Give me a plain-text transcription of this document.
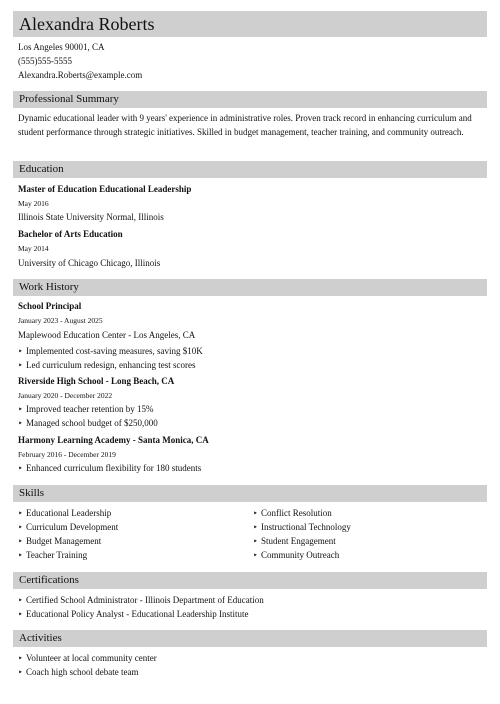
Alexandra Roberts
Los Angeles 90001, CA
(555)555-5555
Alexandra.Roberts@example.com
Professional Summary
Dynamic educational leader with 9 years' experience in administrative roles. Proven track record in enhancing curriculum and student performance through strategic initiatives. Skilled in budget management, teacher training, and community outreach.
Education
Master of Education Educational Leadership
May 2016
Illinois State University Normal, Illinois
Bachelor of Arts Education
May 2014
University of Chicago Chicago, Illinois
Work History
School Principal
January 2023 - August 2025
Maplewood Education Center - Los Angeles, CA
‣ Implemented cost-saving measures, saving $10K
‣ Led curriculum redesign, enhancing test scores
Riverside High School - Long Beach, CA
January 2020 - December 2022
‣ Improved teacher retention by 15%
‣ Managed school budget of $250,000
Harmony Learning Academy - Santa Monica, CA
February 2016 - December 2019
‣ Enhanced curriculum flexibility for 180 students
Skills
‣ Educational Leadership
‣ Curriculum Development
‣ Budget Management
‣ Teacher Training
‣ Conflict Resolution
‣ Instructional Technology
‣ Student Engagement
‣ Community Outreach
Certifications
‣ Certified School Administrator - Illinois Department of Education
‣ Educational Policy Analyst - Educational Leadership Institute
Activities
‣ Volunteer at local community center
‣ Coach high school debate team
